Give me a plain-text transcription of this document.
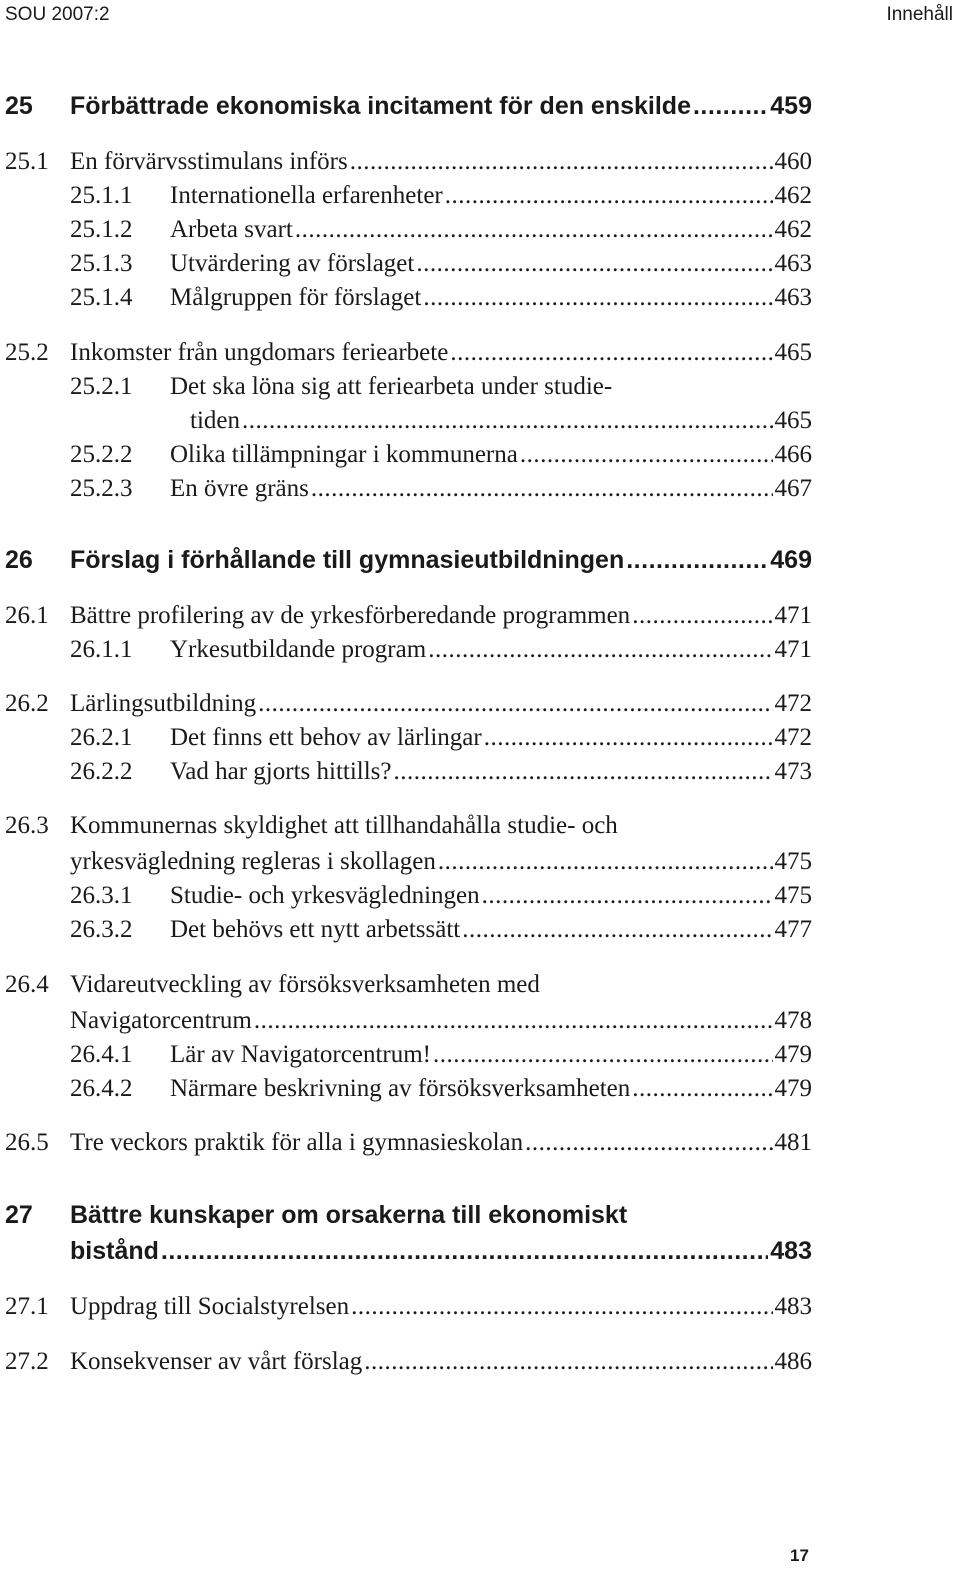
SOU 2007:2	Innehåll
25 Förbättrade ekonomiska incitament för den enskilde .....	459
25.1 En förvärvsstimulans införs .....	460
25.1.1 Internationella erfarenheter .....	462
25.1.2 Arbeta svart .....	462
25.1.3 Utvärdering av förslaget .....	463
25.1.4 Målgruppen för förslaget .....	463
25.2 Inkomster från ungdomars feriearbete .....	465
25.2.1 Det ska löna sig att feriearbeta under studie-
tiden .....	465
25.2.2 Olika tillämpningar i kommunerna .....	466
25.2.3 En övre gräns .....	467
26 Förslag i förhållande till gymnasieutbildningen .....	469
26.1 Bättre profilering av de yrkesförberedande programmen .....	471
26.1.1 Yrkesutbildande program .....	471
26.2 Lärlingsutbildning .....	472
26.2.1 Det finns ett behov av lärlingar .....	472
26.2.2 Vad har gjorts hittills? .....	473
26.3 Kommunernas skyldighet att tillhandahålla studie- och
yrkesvägledning regleras i skollagen .....	475
26.3.1 Studie- och yrkesvägledningen .....	475
26.3.2 Det behövs ett nytt arbetssätt .....	477
26.4 Vidareutveckling av försöksverksamheten med
Navigatorcentrum .....	478
26.4.1 Lär av Navigatorcentrum! .....	479
26.4.2 Närmare beskrivning av försöksverksamheten .....	479
26.5 Tre veckors praktik för alla i gymnasieskolan .....	481
27 Bättre kunskaper om orsakerna till ekonomiskt
bistånd .....	483
27.1 Uppdrag till Socialstyrelsen .....	483
27.2 Konsekvenser av vårt förslag .....	486
17
